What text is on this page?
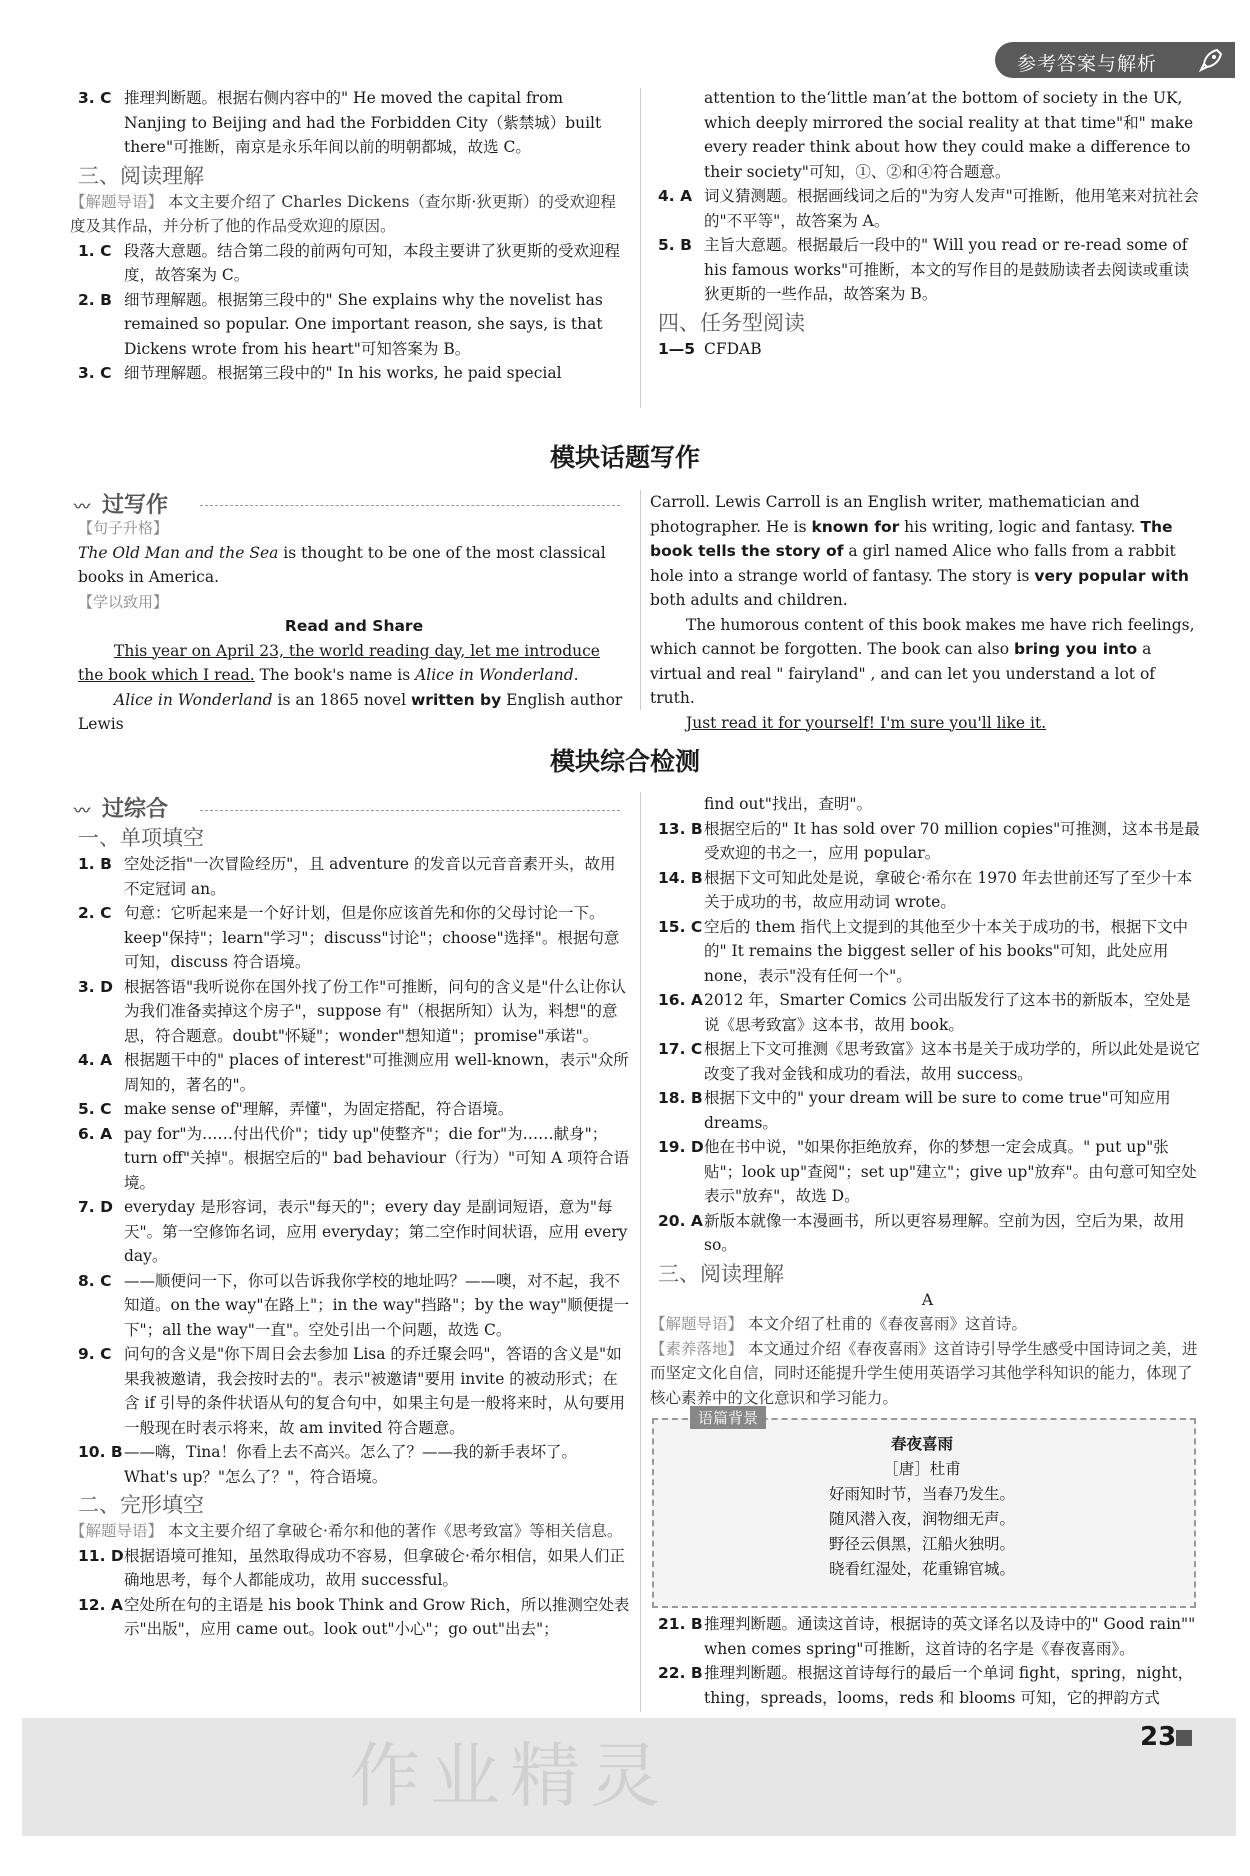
参考答案与解析
3. C 推理判断题。根据右侧内容中的" He moved the capital from Nanjing to Beijing and had the Forbidden City（紫禁城）built there"可推断，南京是永乐年间以前的明朝都城，故选 C。
三、阅读理解
【解题导语】 本文主要介绍了 Charles Dickens（查尔斯·狄更斯）的受欢迎程度及其作品，并分析了他的作品受欢迎的原因。
1. C 段落大意题。结合第二段的前两句可知，本段主要讲了狄更斯的受欢迎程度，故答案为 C。
2. B 细节理解题。根据第三段中的" She explains why the novelist has remained so popular. One important reason, she says, is that Dickens wrote from his heart"可知答案为 B。
3. C 细节理解题。根据第三段中的" In his works, he paid special
attention to the‘little man’at the bottom of society in the UK, which deeply mirrored the social reality at that time"和" make every reader think about how they could make a difference to their society"可知，①、②和④符合题意。
4. A 词义猜测题。根据画线词之后的"为穷人发声"可推断，他用笔来对抗社会的"不平等"，故答案为 A。
5. B 主旨大意题。根据最后一段中的" Will you read or re-read some of his famous works"可推断，本文的写作目的是鼓励读者去阅读或重读狄更斯的一些作品，故答案为 B。
四、任务型阅读
1—5 CFDAB
模块话题写作
〰 过写作
【句子升格】
The Old Man and the Sea is thought to be one of the most classical books in America.
【学以致用】
Read and Share
This year on April 23, the world reading day, let me introduce the book which I read. The book's name is Alice in Wonderland.
Alice in Wonderland is an 1865 novel written by English author Lewis
Carroll. Lewis Carroll is an English writer, mathematician and photographer. He is known for his writing, logic and fantasy. The book tells the story of a girl named Alice who falls from a rabbit hole into a strange world of fantasy. The story is very popular with both adults and children.
The humorous content of this book makes me have rich feelings, which cannot be forgotten. The book can also bring you into a virtual and real " fairyland" , and can let you understand a lot of truth.
Just read it for yourself! I'm sure you'll like it.
模块综合检测
〰 过综合
一、单项填空
1. B 空处泛指"一次冒险经历"，且 adventure 的发音以元音音素开头，故用不定冠词 an。
2. C 句意：它听起来是一个好计划，但是你应该首先和你的父母讨论一下。keep"保持"；learn"学习"；discuss"讨论"；choose"选择"。根据句意可知，discuss 符合语境。
3. D 根据答语"我听说你在国外找了份工作"可推断，问句的含义是"什么让你认为我们准备卖掉这个房子"，suppose 有"（根据所知）认为，料想"的意思，符合题意。doubt"怀疑"；wonder"想知道"；promise"承诺"。
4. A 根据题干中的" places of interest"可推测应用 well-known，表示"众所周知的，著名的"。
5. C make sense of"理解，弄懂"，为固定搭配，符合语境。
6. A pay for"为……付出代价"；tidy up"使整齐"；die for"为……献身"；turn off"关掉"。根据空后的" bad behaviour（行为）"可知 A 项符合语境。
7. D everyday 是形容词，表示"每天的"；every day 是副词短语，意为"每天"。第一空修饰名词，应用 everyday；第二空作时间状语，应用 every day。
8. C ——顺便问一下，你可以告诉我你学校的地址吗？——噢，对不起，我不知道。on the way"在路上"；in the way"挡路"；by the way"顺便提一下"；all the way"一直"。空处引出一个问题，故选 C。
9. C 问句的含义是"你下周日会去参加 Lisa 的乔迁聚会吗"，答语的含义是"如果我被邀请，我会按时去的"。表示"被邀请"要用 invite 的被动形式；在含 if 引导的条件状语从句的复合句中，如果主句是一般将来时，从句要用一般现在时表示将来，故 am invited 符合题意。
10. B ——嗨，Tina！你看上去不高兴。怎么了？——我的新手表坏了。What's up？"怎么了？"，符合语境。
二、完形填空
【解题导语】 本文主要介绍了拿破仑·希尔和他的著作《思考致富》等相关信息。
11. D 根据语境可推知，虽然取得成功不容易，但拿破仑·希尔相信，如果人们正确地思考，每个人都能成功，故用 successful。
12. A 空处所在句的主语是 his book Think and Grow Rich，所以推测空处表示"出版"，应用 came out。look out"小心"；go out"出去"；
find out"找出，查明"。
13. B 根据空后的" It has sold over 70 million copies"可推测，这本书是最受欢迎的书之一，应用 popular。
14. B 根据下文可知此处是说，拿破仑·希尔在 1970 年去世前还写了至少十本关于成功的书，故应用动词 wrote。
15. C 空后的 them 指代上文提到的其他至少十本关于成功的书，根据下文中的" It remains the biggest seller of his books"可知，此处应用 none，表示"没有任何一个"。
16. A 2012 年，Smarter Comics 公司出版发行了这本书的新版本，空处是说《思考致富》这本书，故用 book。
17. C 根据上下文可推测《思考致富》这本书是关于成功学的，所以此处是说它改变了我对金钱和成功的看法，故用 success。
18. B 根据下文中的" your dream will be sure to come true"可知应用 dreams。
19. D 他在书中说，"如果你拒绝放弃，你的梦想一定会成真。" put up"张贴"；look up"查阅"；set up"建立"；give up"放弃"。由句意可知空处表示"放弃"，故选 D。
20. A 新版本就像一本漫画书，所以更容易理解。空前为因，空后为果，故用 so。
三、阅读理解
A
【解题导语】 本文介绍了杜甫的《春夜喜雨》这首诗。
【素养落地】 本文通过介绍《春夜喜雨》这首诗引导学生感受中国诗词之美，进而坚定文化自信，同时还能提升学生使用英语学习其他学科知识的能力，体现了核心素养中的文化意识和学习能力。
语篇背景
春夜喜雨
［唐］杜甫
好雨知时节，当春乃发生。
随风潜入夜，润物细无声。
野径云俱黑，江船火独明。
晓看红湿处，花重锦官城。
21. B 推理判断题。通读这首诗，根据诗的英文译名以及诗中的" Good rain"" when comes spring"可推断，这首诗的名字是《春夜喜雨》。
22. B 推理判断题。根据这首诗每行的最后一个单词 fight，spring，night，thing，spreads，looms，reds 和 blooms 可知，它的押韵方式
作业精灵	23
